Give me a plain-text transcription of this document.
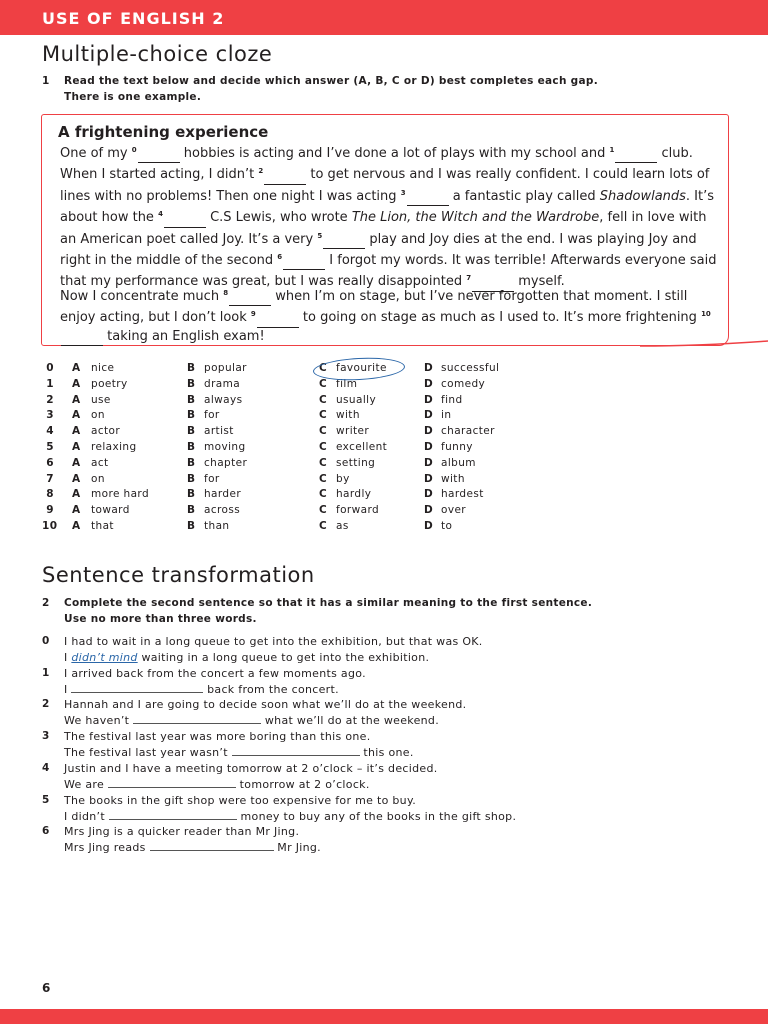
USE OF ENGLISH 2
Multiple-choice cloze
1 Read the text below and decide which answer (A, B, C or D) best completes each gap.
There is one example.
A frightening experience
One of my $^0$	hobbies is acting and I’ve done a lot of plays with my school and $^1$	club. When I started acting, I didn’t $^2$	to get nervous and I was really confident. I could learn lots of lines with no problems! Then one night I was acting $^3$	a fantastic play called Shadowlands. It’s about how the $^4$	C.S Lewis, who wrote The Lion, the Witch and the Wardrobe, fell in love with an American poet called Joy. It’s a very $^5$	play and Joy dies at the end. I was playing Joy and right in the middle of the second $^6$	I forgot my words. It was terrible! Afterwards everyone said that my performance was great, but I was really disappointed $^7$	myself.
Now I concentrate much $^8$	when I’m on stage, but I’ve never forgotten that moment. I still enjoy acting, but I don’t look $^9$	to going on stage as much as I used to. It’s more frightening $^{10}$  taking an English exam!
0 A nice	B popular	C favourite	D successful
1 A poetry	B drama	C film	D comedy
2 A use	B always	C usually	D find
3 A on	B for	C with	D in
4 A actor	B artist	C writer	D character
5 A relaxing	B moving	C excellent	D funny
6 A act	B chapter	C setting	D album
7 A on	B for	C by	D with
8 A more hard	B harder	C hardly	D hardest
9 A toward	B across	C forward	D over
10 A that	B than	C as	D to
Sentence transformation
2 Complete the second sentence so that it has a similar meaning to the first sentence.
Use no more than three words.
0 I had to wait in a long queue to get into the exhibition, but that was OK.
I didn’t mind waiting in a long queue to get into the exhibition.
1 I arrived back from the concert a few moments ago.
I	back from the concert.
2 Hannah and I are going to decide soon what we’ll do at the weekend.
We haven’t	what we’ll do at the weekend.
3 The festival last year was more boring than this one.
The festival last year wasn’t	this one.
4 Justin and I have a meeting tomorrow at 2 o’clock – it’s decided.
We are	tomorrow at 2 o’clock.
5 The books in the gift shop were too expensive for me to buy.
I didn’t	money to buy any of the books in the gift shop.
6 Mrs Jing is a quicker reader than Mr Jing.
Mrs Jing reads	Mr Jing.
6
